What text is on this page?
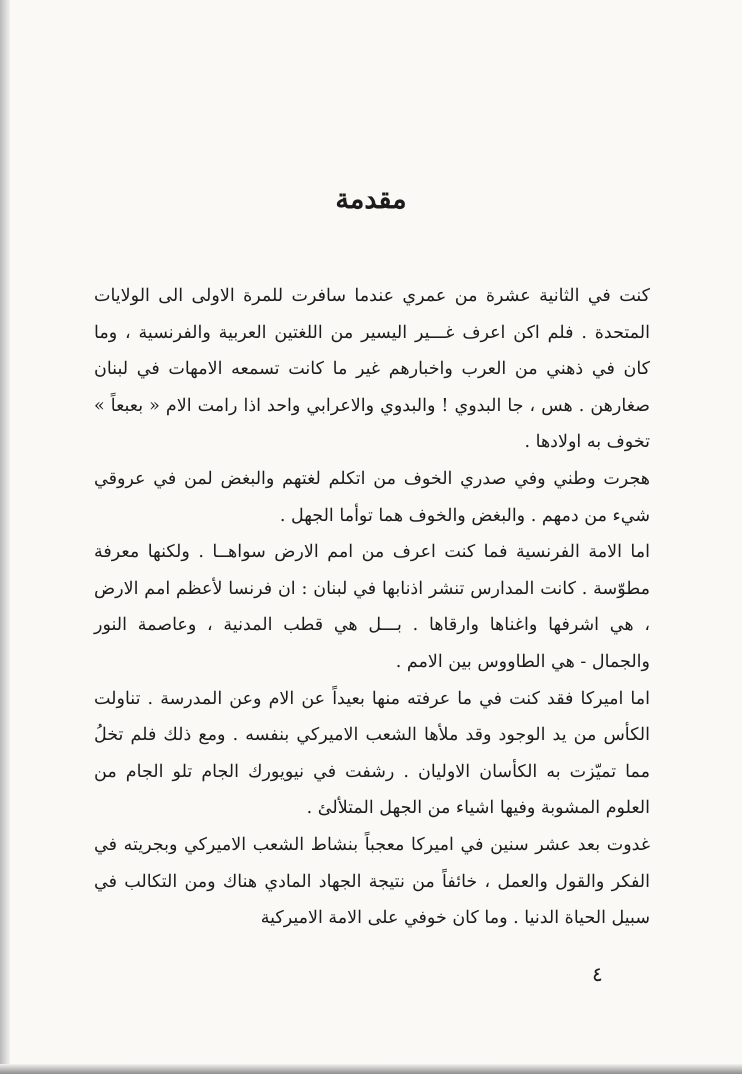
مقدمة

كنت في الثانية عشرة من عمري عندما سافرت للمرة الاولى الى الولايات المتحدة . فلم اكن اعرف غـــير اليسير من اللغتين العربية والفرنسية ، وما كان في ذهني من العرب واخبارهم غير ما كانت تسمعه الامهات في لبنان صغارهن . هس ، جا البدوي ! والبدوي والاعرابي واحد اذا رامت الام « بعبعاً » تخوف به اولادها .

هجرت وطني وفي صدري الخوف من اتكلم لغتهم والبغض لمن في عروقي شيء من دمهم . والبغض والخوف هما توأما الجهل .

اما الامة الفرنسية فما كنت اعرف من امم الارض سواهــا . ولكنها معرفة مطوّسة . كانت المدارس تنشر اذنابها في لبنان : ان فرنسا لأعظم امم الارض ، هي اشرفها واغناها وارقاها . بـــل هي قطب المدنية ، وعاصمة النور والجمال - هي الطاووس بين الامم .

اما اميركا فقد كنت في ما عرفته منها بعيداً عن الام وعن المدرسة . تناولت الكأس من يد الوجود وقد ملأها الشعب الاميركي بنفسه . ومع ذلك فلم تخلُ مما تميّزت به الكأسان الاوليان . رشفت في نيويورك الجام تلو الجام من العلوم المشوبة وفيها اشياء من الجهل المتلألئ .

غدوت بعد عشر سنين في اميركا معجباً بنشاط الشعب الاميركي وبجريته في الفكر والقول والعمل ، خائفاً من نتيجة الجهاد المادي هناك ومن التكالب في سبيل الحياة الدنيا . وما كان خوفي على الامة الاميركية

٤
